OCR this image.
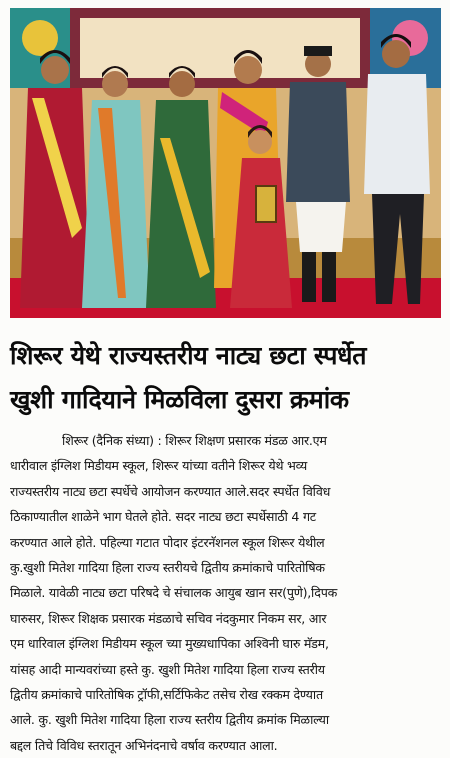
शिरूर येथे राज्यस्तरीय नाट्य छटा स्पर्धेत
खुशी गादियाने मिळविला दुसरा क्रमांक
शिरूर (दैनिक संध्या) : शिरूर शिक्षण प्रसारक मंडळ आर.एम
धारीवाल इंग्लिश मिडीयम स्कूल, शिरूर यांच्या वतीने शिरूर येथे भव्य
राज्यस्तरीय नाट्य छटा स्पर्धेचे आयोजन करण्यात आले.सदर स्पर्धेत विविध
ठिकाण्यातील शाळेने भाग घेतले होते. सदर नाट्य छटा स्पर्धेसाठी 4 गट
करण्यात आले होते. पहिल्या गटात पोदार इंटरनॅशनल स्कूल शिरूर येथील
कु.खुशी मितेश गादिया हिला राज्य स्तरीयचे द्वितीय क्रमांकाचे पारितोषिक
मिळाले. यावेळी नाट्य छटा परिषदे चे संचालक आयुब खान सर(पुणे),दिपक
घारुसर, शिरूर शिक्षक प्रसारक मंडळाचे सचिव नंदकुमार निकम सर, आर
एम धारिवाल इंग्लिश मिडीयम स्कूल च्या मुख्यधापिका अश्विनी घारु मॅडम,
यांसह आदी मान्यवरांच्या हस्ते कु. खुशी मितेश गादिया हिला राज्य स्तरीय
द्वितीय क्रमांकाचे पारितोषिक ट्रॉफी,सर्टिफिकेट तसेच रोख रक्कम देण्यात
आले. कु. खुशी मितेश गादिया हिला राज्य स्तरीय द्वितीय क्रमांक मिळाल्या
बद्दल तिचे विविध स्तरातून अभिनंदनाचे वर्षाव करण्यात आला.
